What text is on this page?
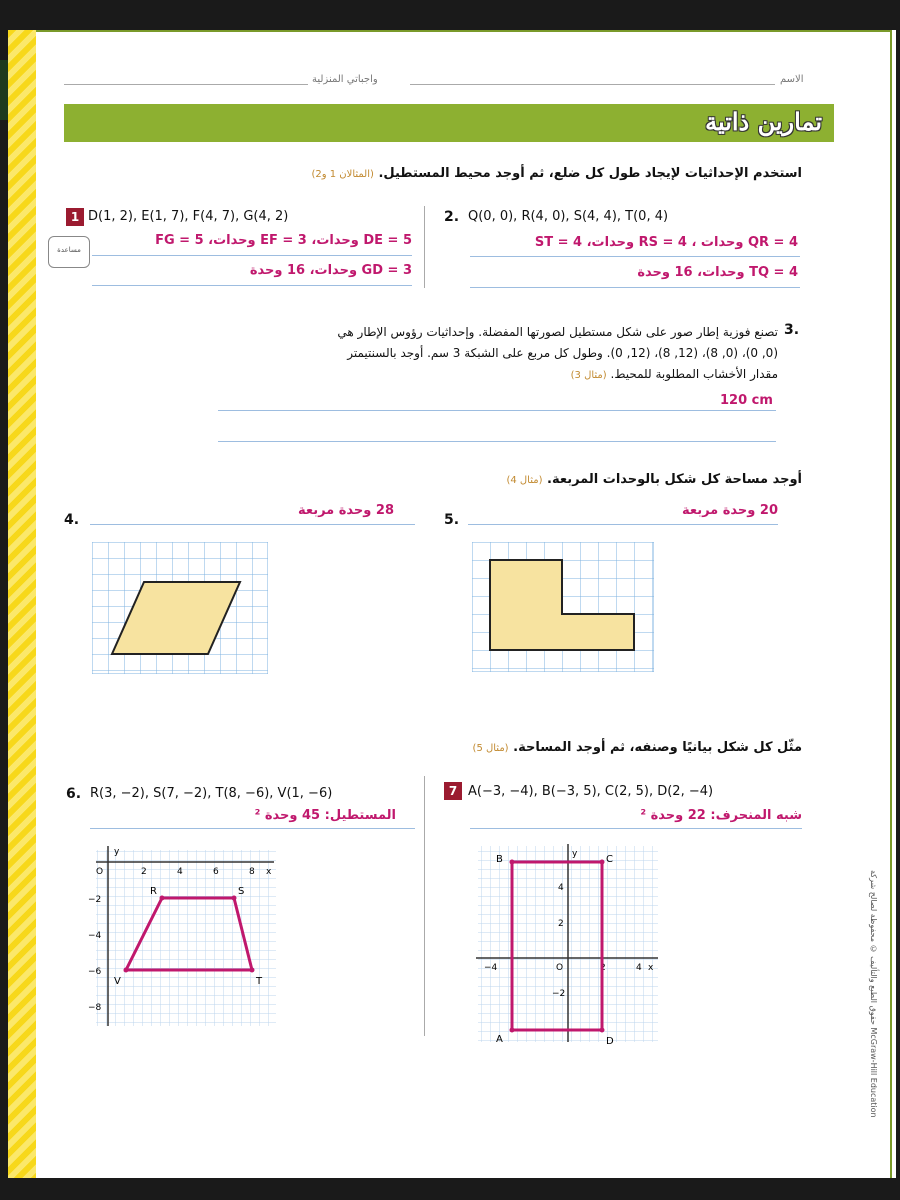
الاسم
واجباتي المنزلية
تمارين ذاتية
استخدم الإحداثيات لإيجاد طول كل ضلع، ثم أوجد محيط المستطيل. (المثالان 1 و2)
1 D(1, 2), E(1, 7), F(4, 7), G(4, 2)
مساعدة
DE = 5 وحدات، EF = 3 وحدات، FG = 5
GD = 3 وحدات، 16 وحدة
2. Q(0, 0), R(4, 0), S(4, 4), T(0, 4)
QR = 4 وحدات ، RS = 4 وحدات، ST = 4
TQ = 4 وحدات، 16 وحدة
3.
تصنع فوزية إطار صور على شكل مستطيل لصورتها المفضلة. وإحداثيات رؤوس الإطار هي
(0, 0)، (0, 8)، (12, 8)، (12, 0). وطول كل مربع على الشبكة 3 سم. أوجد بالسنتيمتر
مقدار الأخشاب المطلوبة للمحيط. (مثال 3)
120 cm
أوجد مساحة كل شكل بالوحدات المربعة. (مثال 4)
4.
28 وحدة مربعة
5.
20 وحدة مربعة
مثّل كل شكل بيانيًا وصنفه، ثم أوجد المساحة. (مثال 5)
6. R(3, −2), S(7, −2), T(8, −6), V(1, −6)
المستطيل: 45 وحدة ²
y
x
O	2	4	6	8
−2
−4
−6
−8
R	S
T
V
7 A(−3, −4), B(−3, 5), C(2, 5), D(2, −4)
شبه المنحرف: 22 وحدة ²
y
x
O
−4	2	4
4
2
−2
A
B	C
D
حقوق الطبع والتأليف © محفوظة لصالح شركة McGraw-Hill Education
